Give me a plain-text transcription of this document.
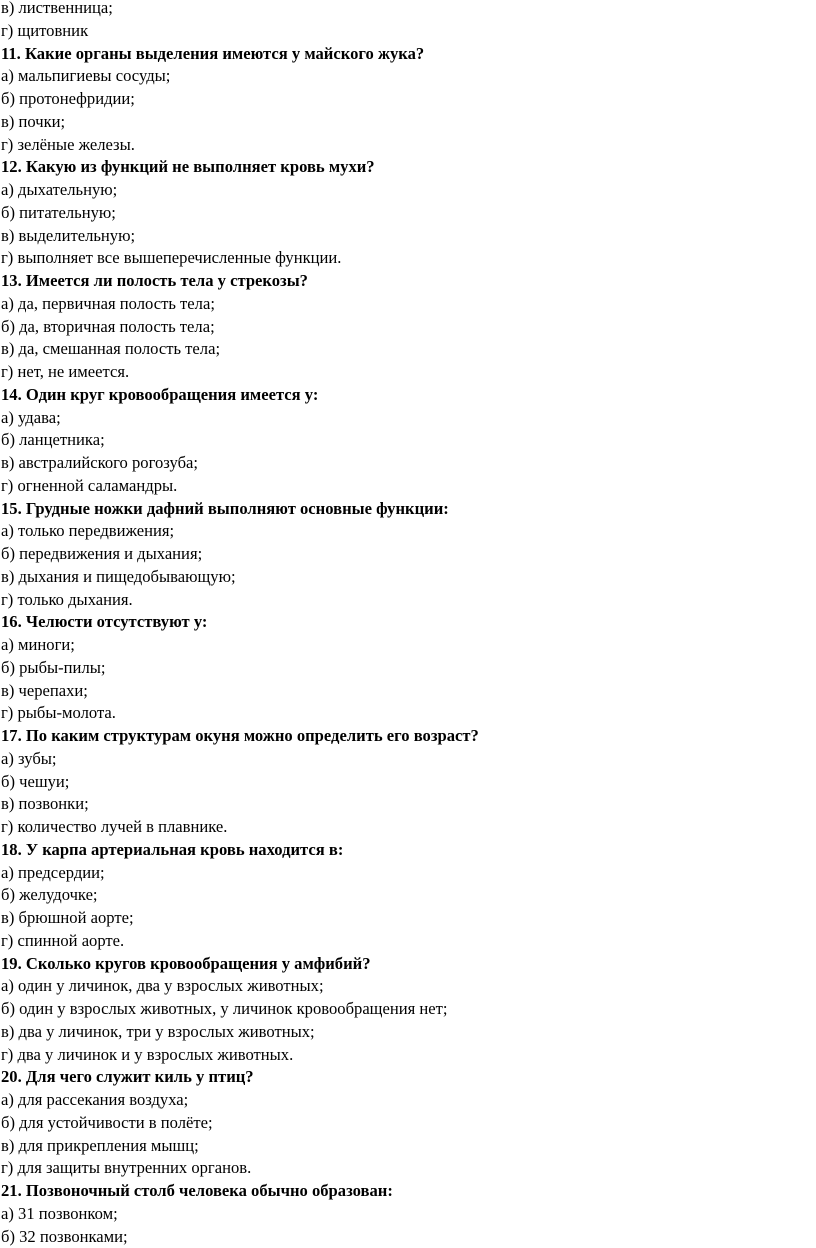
в) лиственница;
г) щитовник
11. Какие органы выделения имеются у майского жука?
а) мальпигиевы сосуды;
б) протонефридии;
в) почки;
г) зелёные железы.
12. Какую из функций не выполняет кровь мухи?
а) дыхательную;
б) питательную;
в) выделительную;
г) выполняет все вышеперечисленные функции.
13. Имеется ли полость тела у стрекозы?
а) да, первичная полость тела;
б) да, вторичная полость тела;
в) да, смешанная полость тела;
г) нет, не имеется.
14. Один круг кровообращения имеется у:
а) удава;
б) ланцетника;
в) австралийского рогозуба;
г) огненной саламандры.
15. Грудные ножки дафний выполняют основные функции:
а) только передвижения;
б) передвижения и дыхания;
в) дыхания и пищедобывающую;
г) только дыхания.
16. Челюсти отсутствуют у:
а) миноги;
б) рыбы-пилы;
в) черепахи;
г) рыбы-молота.
17. По каким структурам окуня можно определить его возраст?
а) зубы;
б) чешуи;
в) позвонки;
г) количество лучей в плавнике.
18. У карпа артериальная кровь находится в:
а) предсердии;
б) желудочке;
в) брюшной аорте;
г) спинной аорте.
19. Сколько кругов кровообращения у амфибий?
а) один у личинок, два у взрослых животных;
б) один у взрослых животных, у личинок кровообращения нет;
в) два у личинок, три у взрослых животных;
г) два у личинок и у взрослых животных.
20. Для чего служит киль у птиц?
а) для рассекания воздуха;
б) для устойчивости в полёте;
в) для прикрепления мышц;
г) для защиты внутренних органов.
21. Позвоночный столб человека обычно образован:
а) 31 позвонком;
б) 32 позвонками;
